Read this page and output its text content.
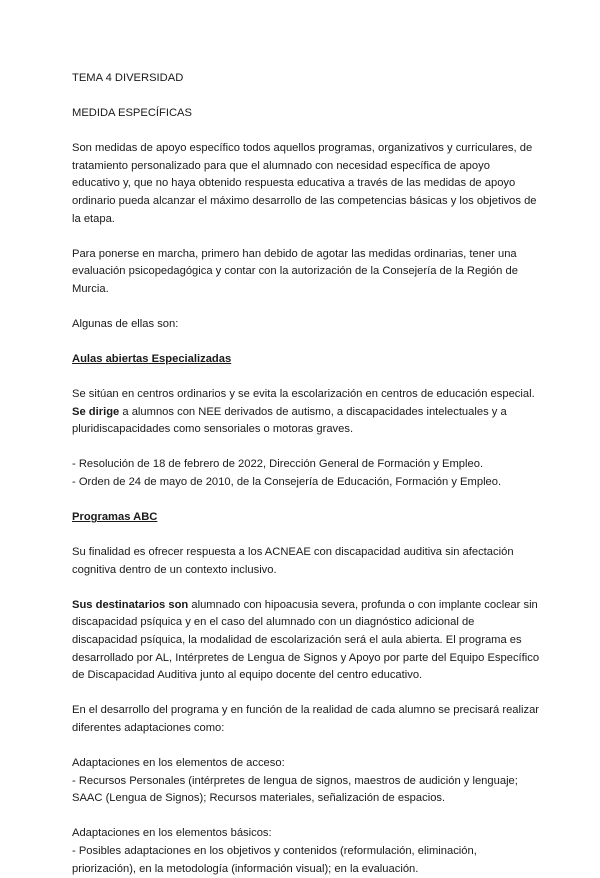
TEMA 4 DIVERSIDAD

MEDIDA ESPECÍFICAS

Son medidas de apoyo específico todos aquellos programas, organizativos y curriculares, de tratamiento personalizado para que el alumnado con necesidad específica de apoyo educativo y, que no haya obtenido respuesta educativa a través de las medidas de apoyo ordinario pueda alcanzar el máximo desarrollo de las competencias básicas y los objetivos de la etapa.

Para ponerse en marcha, primero han debido de agotar las medidas ordinarias, tener una evaluación psicopedagógica y contar con la autorización de la Consejería de la Región de Murcia.

Algunas de ellas son:

Aulas abiertas Especializadas

Se sitúan en centros ordinarios y se evita la escolarización en centros de educación especial. Se dirige a alumnos con NEE derivados de autismo, a discapacidades intelectuales y a pluridiscapacidades como sensoriales o motoras graves.

- Resolución de 18 de febrero de 2022, Dirección General de Formación y Empleo.
- Orden de 24 de mayo de 2010, de la Consejería de Educación, Formación y Empleo.

Programas ABC

Su finalidad es ofrecer respuesta a los ACNEAE con discapacidad auditiva sin afectación cognitiva dentro de un contexto inclusivo.

Sus destinatarios son alumnado con hipoacusia severa, profunda o con implante coclear sin discapacidad psíquica y en el caso del alumnado con un diagnóstico adicional de discapacidad psíquica, la modalidad de escolarización será el aula abierta. El programa es desarrollado por AL, Intérpretes de Lengua de Signos y Apoyo por parte del Equipo Específico de Discapacidad Auditiva junto al equipo docente del centro educativo.

En el desarrollo del programa y en función de la realidad de cada alumno se precisará realizar diferentes adaptaciones como:

Adaptaciones en los elementos de acceso:
- Recursos Personales (intérpretes de lengua de signos, maestros de audición y lenguaje; SAAC (Lengua de Signos); Recursos materiales, señalización de espacios.

Adaptaciones en los elementos básicos:
- Posibles adaptaciones en los objetivos y contenidos (reformulación, eliminación, priorización), en la metodología (información visual); en la evaluación.
